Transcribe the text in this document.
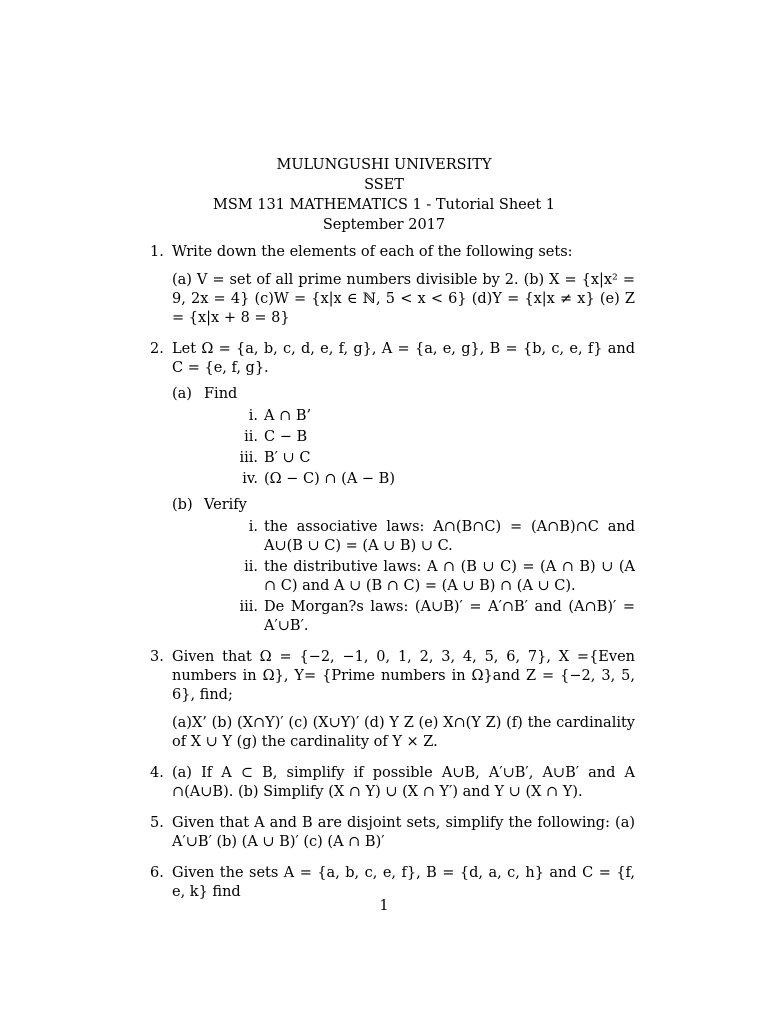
MULUNGUSHI UNIVERSITY
SSET
MSM 131 MATHEMATICS 1 - Tutorial Sheet 1
September 2017
1. Write down the elements of each of the following sets:
(a) V = set of all prime numbers divisible by 2. (b) X = {x|x² = 9, 2x = 4} (c)W = {x|x ∈ ℕ, 5 < x < 6} (d)Y = {x|x ≠ x} (e) Z = {x|x + 8 = 8}
2. Let Ω = {a, b, c, d, e, f, g}, A = {a, e, g}, B = {b, c, e, f} and C = {e, f, g}.
(a) Find
i. A ∩ B’
ii. C − B
iii. B′ ∪ C
iv. (Ω − C) ∩ (A − B)
(b) Verify
i. the associative laws: A∩(B∩C) = (A∩B)∩C and A∪(B ∪ C) = (A ∪ B) ∪ C.
ii. the distributive laws: A ∩ (B ∪ C) = (A ∩ B) ∪ (A ∩ C) and A ∪ (B ∩ C) = (A ∪ B) ∩ (A ∪ C).
iii. De Morgan?s laws: (A∪B)′ = A′∩B′ and (A∩B)′ = A′∪B′.
3. Given that Ω = {−2, −1, 0, 1, 2, 3, 4, 5, 6, 7}, X ={Even numbers in Ω}, Y= {Prime numbers in Ω}and Z = {−2, 3, 5, 6}, find;
(a)X’ (b) (X∩Y)′ (c) (X∪Y)′ (d) Y Z (e) X∩(Y Z) (f) the cardinality of X ∪ Y (g) the cardinality of Y × Z.
4. (a) If A ⊂ B, simplify if possible A∪B, A′∪B′, A∪B′ and A ∩(A∪B). (b) Simplify (X ∩ Y) ∪ (X ∩ Y′) and Y ∪ (X ∩ Y).
5. Given that A and B are disjoint sets, simplify the following: (a) A′∪B′ (b) (A ∪ B)′ (c) (A ∩ B)′
6. Given the sets A = {a, b, c, e, f}, B = {d, a, c, h} and C = {f, e, k} find
1
